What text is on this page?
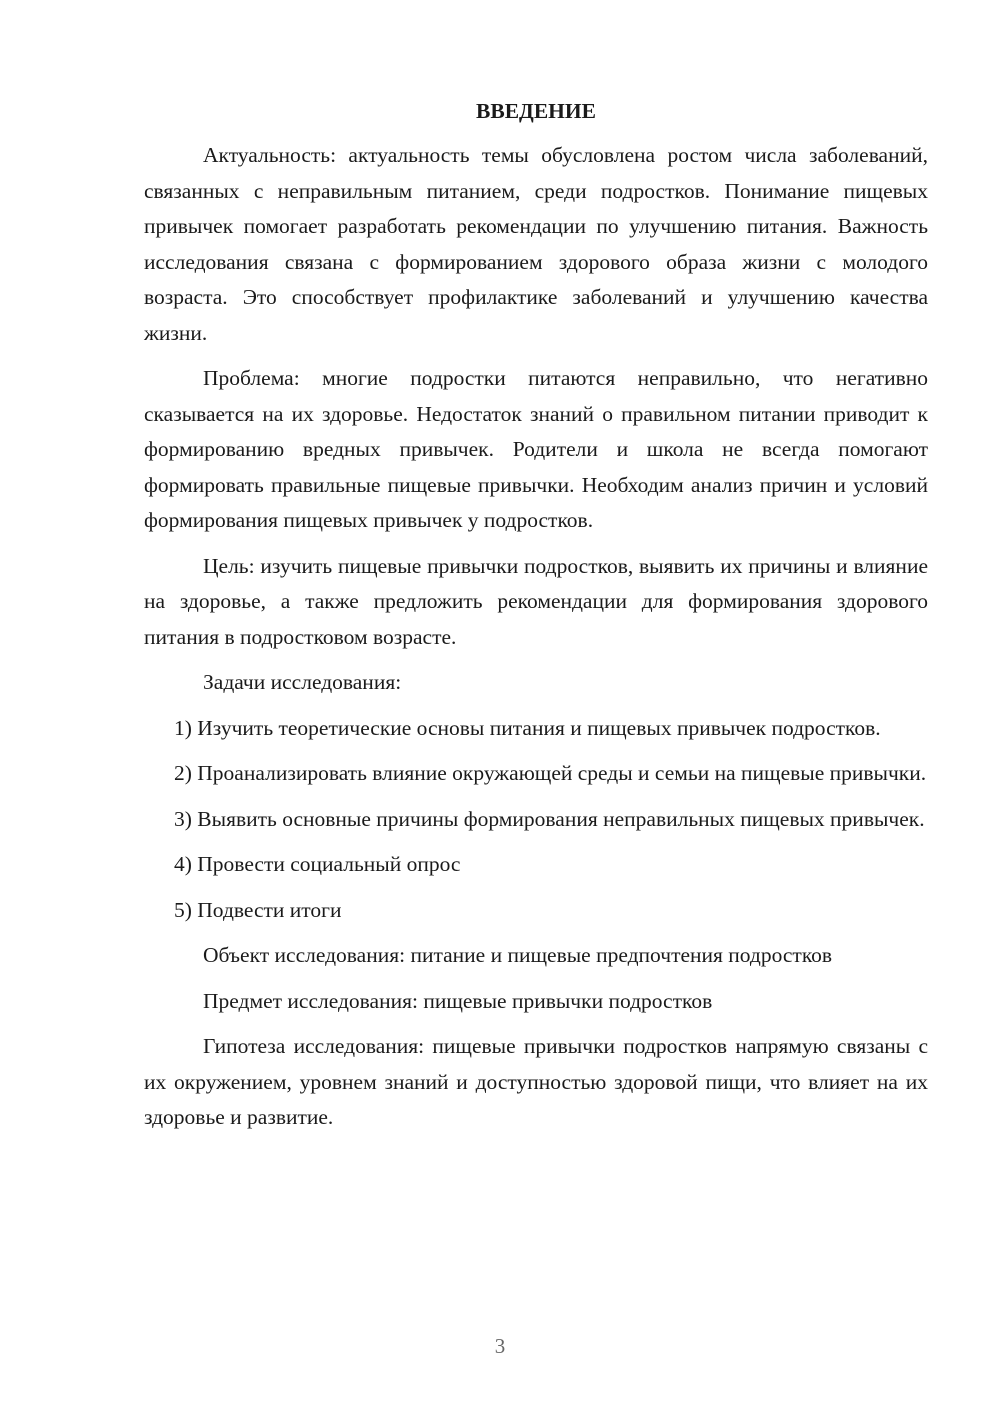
ВВЕДЕНИЕ

Актуальность: актуальность темы обусловлена ростом числа заболеваний, связанных с неправильным питанием, среди подростков. Понимание пищевых привычек помогает разработать рекомендации по улучшению питания. Важность исследования связана с формированием здорового образа жизни с молодого возраста. Это способствует профилактике заболеваний и улучшению качества жизни.

Проблема: многие подростки питаются неправильно, что негативно сказывается на их здоровье. Недостаток знаний о правильном питании приводит к формированию вредных привычек. Родители и школа не всегда помогают формировать правильные пищевые привычки. Необходим анализ причин и условий формирования пищевых привычек у подростков.

Цель: изучить пищевые привычки подростков, выявить их причины и влияние на здоровье, а также предложить рекомендации для формирования здорового питания в подростковом возрасте.

Задачи исследования:

1) Изучить теоретические основы питания и пищевых привычек подростков.

2) Проанализировать влияние окружающей среды и семьи на пищевые привычки.

3) Выявить основные причины формирования неправильных пищевых привычек.

4) Провести социальный опрос

5) Подвести итоги

Объект исследования: питание и пищевые предпочтения подростков

Предмет исследования: пищевые привычки подростков

Гипотеза исследования: пищевые привычки подростков напрямую связаны с их окружением, уровнем знаний и доступностью здоровой пищи, что влияет на их здоровье и развитие.

3
